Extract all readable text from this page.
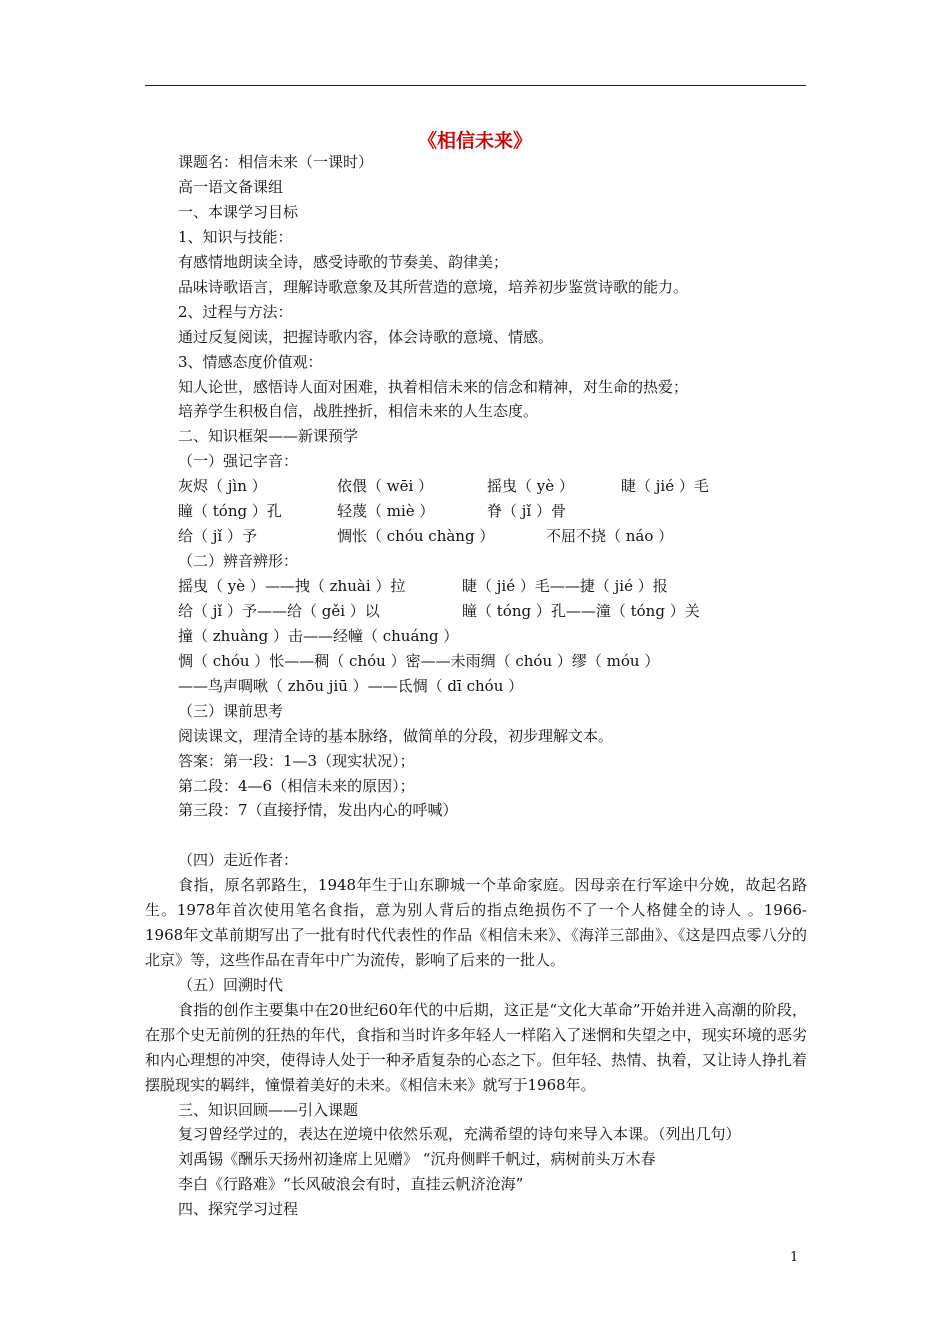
《相信未来》
课题名：相信未来（一课时）
高一语文备课组
一、本课学习目标
1、知识与技能：
有感情地朗读全诗，感受诗歌的节奏美、韵律美；
品味诗歌语言，理解诗歌意象及其所营造的意境，培养初步鉴赏诗歌的能力。
2、过程与方法：
通过反复阅读，把握诗歌内容，体会诗歌的意境、情感。
3、情感态度价值观：
知人论世，感悟诗人面对困难，执着相信未来的信念和精神，对生命的热爱；
培养学生积极自信，战胜挫折，相信未来的人生态度。
二、知识框架——新课预学
（一）强记字音：
灰烬（ jìn ）	依偎（ wēi ）	摇曳（ yè ）	睫（ jié ）毛
瞳（ tóng ）孔	轻蔑（ miè ）	脊（ jǐ ）骨
给（ jǐ ）予	惆怅（ chóu chàng ）	不屈不挠（ náo ）
（二）辨音辨形：
摇曳（ yè ）——拽（ zhuài ）拉	睫（ jié ）毛——捷（ jié ）报
给（ jǐ ）予——给（ gěi ）以	瞳（ tóng ）孔——潼（ tóng ）关
撞（ zhuàng ）击——经幢（ chuáng ）
惆（ chóu ）怅——稠（ chóu ）密——未雨绸（ chóu ）缪（ móu ）
——鸟声啁啾（ zhōu jiū ）——氐惆（ dī chóu ）
（三）课前思考
阅读课文，理清全诗的基本脉络，做简单的分段，初步理解文本。
答案：第一段：1—3（现实状况）；
第二段：4—6（相信未来的原因）；
第三段：7（直接抒情，发出内心的呼喊）
（四）走近作者：
食指，原名郭路生，1948年生于山东聊城一个革命家庭。因母亲在行军途中分娩，故起名路生。1978年首次使用笔名食指，意为别人背后的指点绝损伤不了一个人格健全的诗人 。1966-1968年文革前期写出了一批有时代代表性的作品《相信未来》、《海洋三部曲》、《这是四点零八分的北京》等，这些作品在青年中广为流传，影响了后来的一批人。
（五）回溯时代
食指的创作主要集中在20世纪60年代的中后期，这正是“文化大革命”开始并进入高潮的阶段，在那个史无前例的狂热的年代，食指和当时许多年轻人一样陷入了迷惘和失望之中，现实环境的恶劣和内心理想的冲突，使得诗人处于一种矛盾复杂的心态之下。但年轻、热情、执着，又让诗人挣扎着摆脱现实的羁绊，憧憬着美好的未来。《相信未来》就写于1968年。
三、知识回顾——引入课题
复习曾经学过的，表达在逆境中依然乐观，充满希望的诗句来导入本课。（列出几句）
刘禹锡《酬乐天扬州初逢席上见赠》 “沉舟侧畔千帆过，病树前头万木春
李白《行路难》“长风破浪会有时，直挂云帆济沧海”
四、探究学习过程
1
